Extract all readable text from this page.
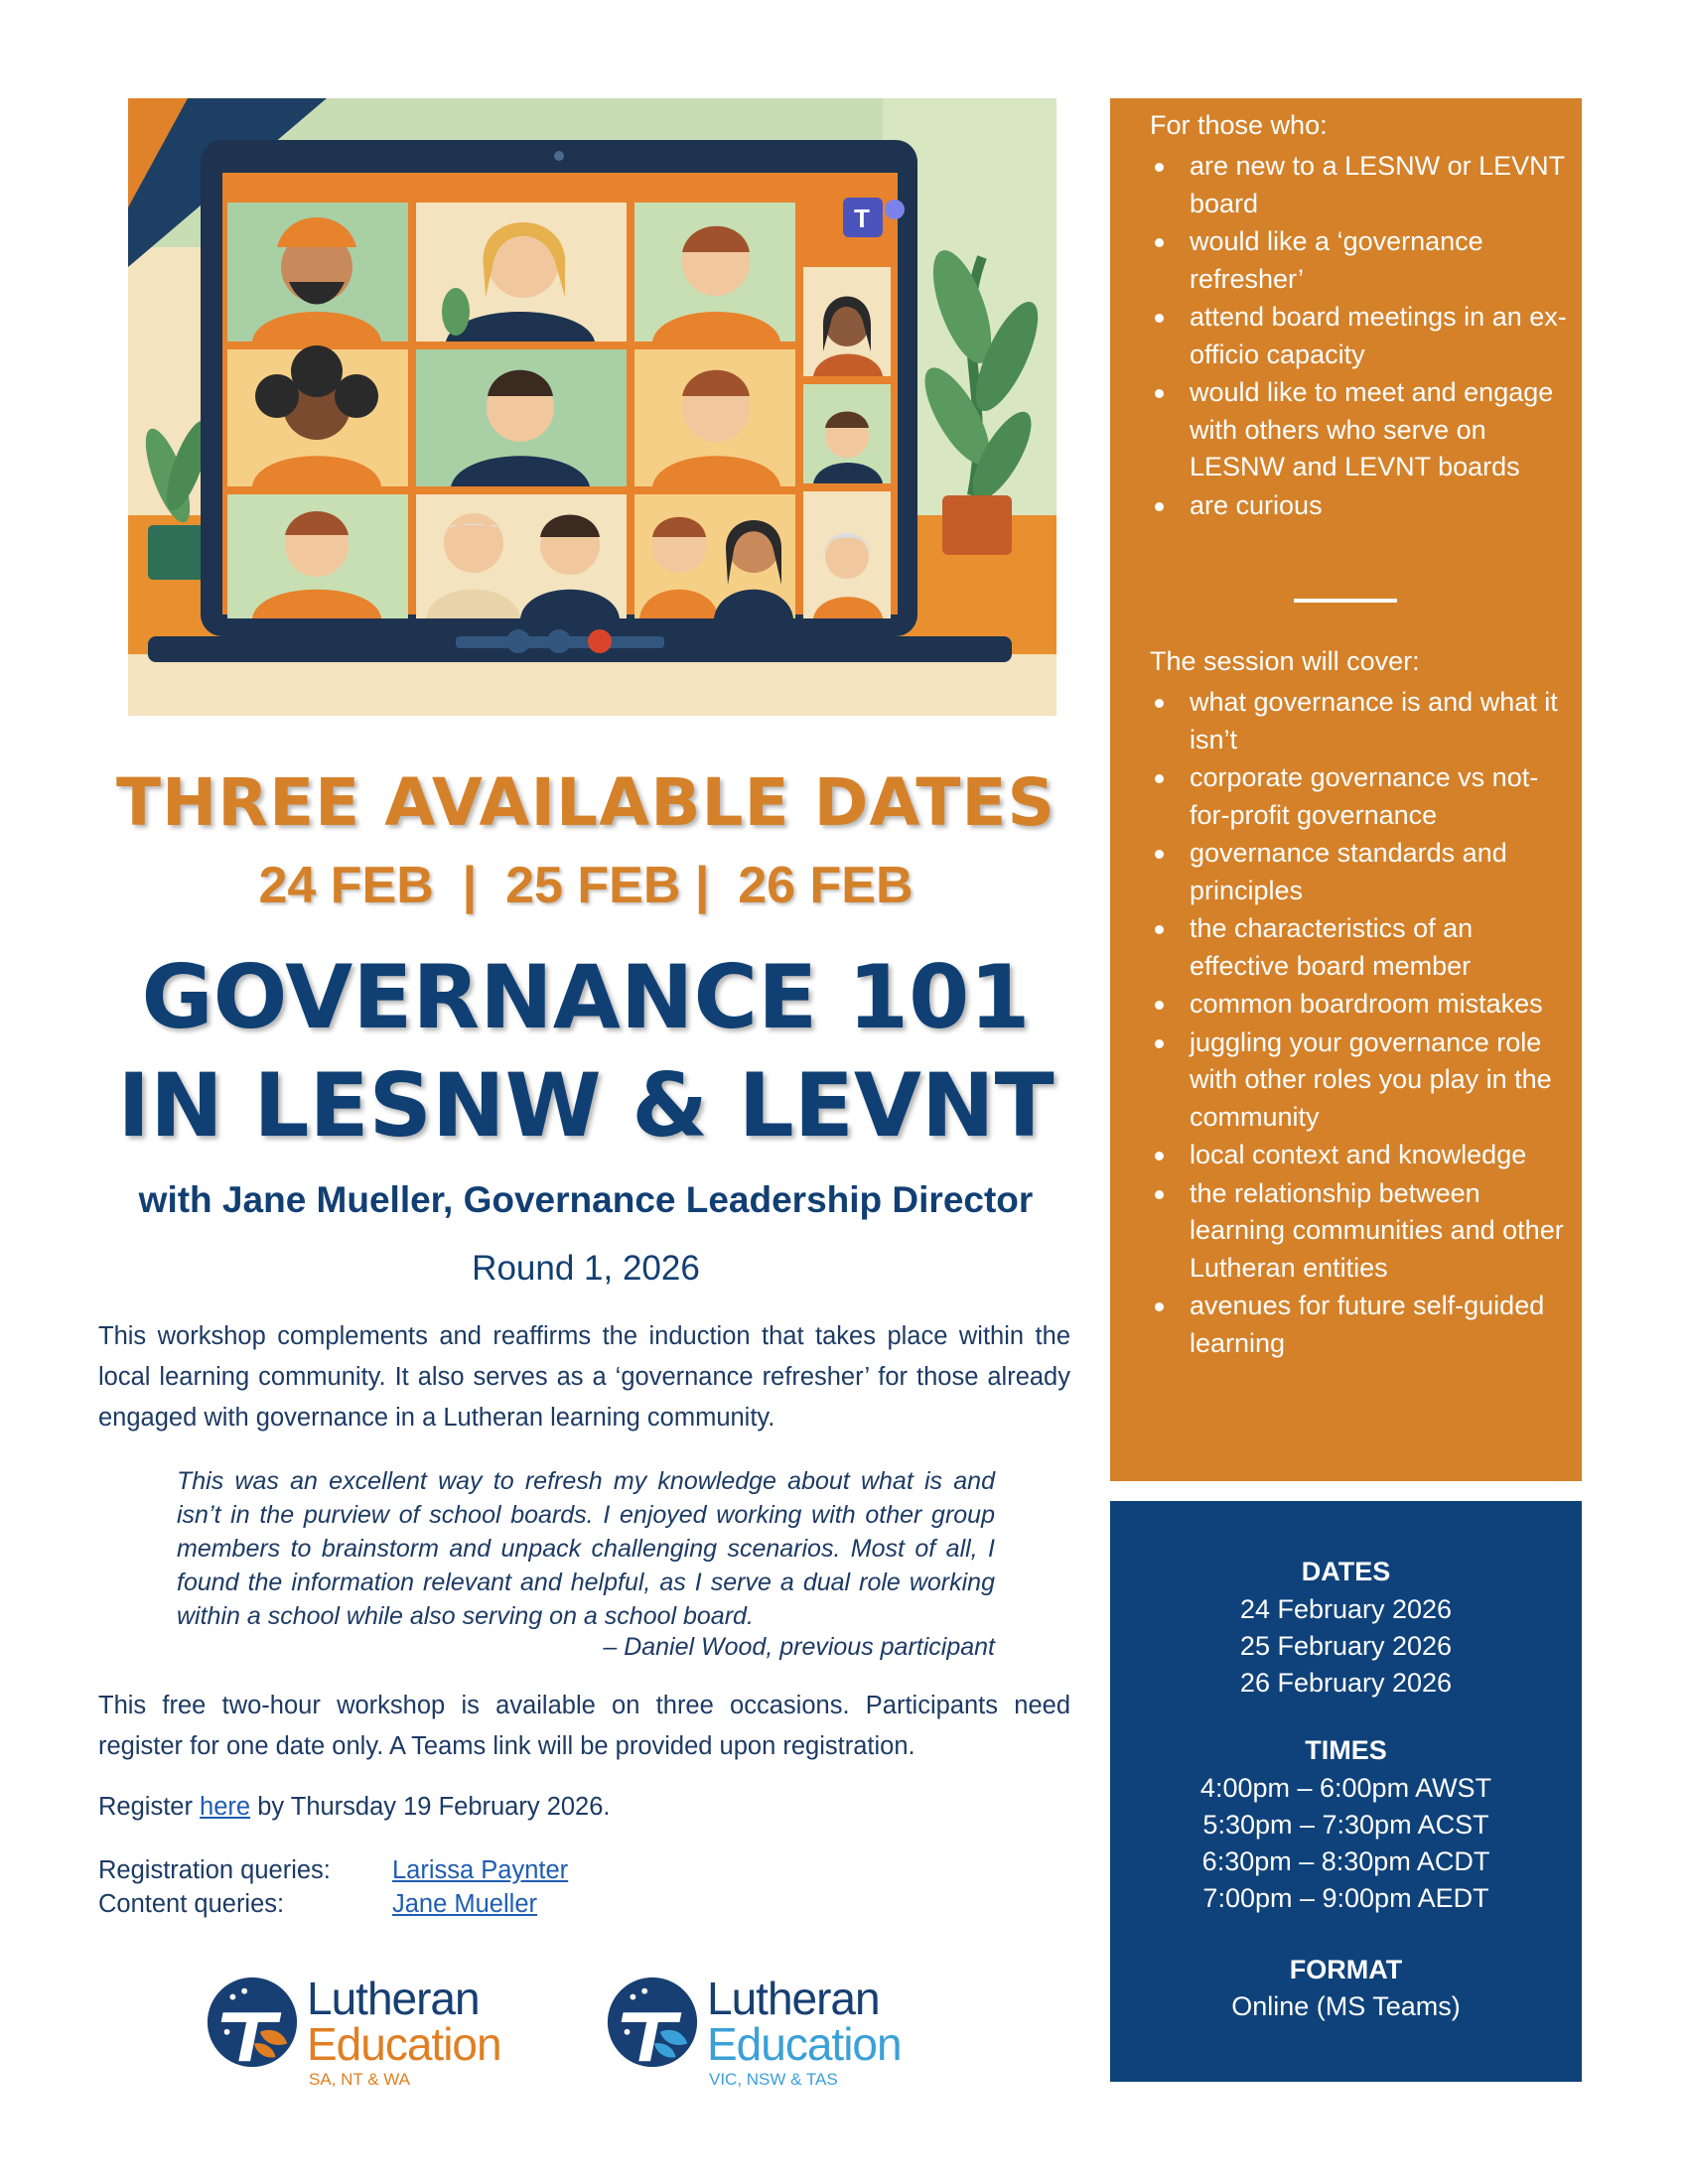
T
THREE AVAILABLE DATES
24 FEB  |  25 FEB |  26 FEB
GOVERNANCE 101
IN LESNW & LEVNT
with Jane Mueller, Governance Leadership Director
Round 1, 2026

This workshop complements and reaffirms the induction that takes place within the local learning community. It also serves as a ‘governance refresher’ for those already engaged with governance in a Lutheran learning community.

This was an excellent way to refresh my knowledge about what is and isn’t in the purview of school boards. I enjoyed working with other group members to brainstorm and unpack challenging scenarios. Most of all, I found the information relevant and helpful, as I serve a dual role working within a school while also serving on a school board.

– Daniel Wood, previous participant

This free two-hour workshop is available on three occasions. Participants need register for one date only. A Teams link will be provided upon registration.

Register here by Thursday 19 February 2026.
Registration queries: Larissa Paynter
Content queries:	Jane Mueller
Lutheran
Education
SA, NT & WA
Lutheran
Education
VIC, NSW & TAS
For those who:
are new to a LESNW or LEVNT board
would like a ‘governance refresher’
attend board meetings in an ex-officio capacity
would like to meet and engage with others who serve on LESNW and LEVNT boards
are curious
The session will cover:
what governance is and what it isn’t
corporate governance vs not-for-profit governance
governance standards and principles
the characteristics of an effective board member
common boardroom mistakes
juggling your governance role with other roles you play in the community
local context and knowledge
the relationship between learning communities and other Lutheran entities
avenues for future self-guided learning
DATES
24 February 2026
25 February 2026
26 February 2026
TIMES
4:00pm – 6:00pm AWST
5:30pm – 7:30pm ACST
6:30pm – 8:30pm ACDT
7:00pm – 9:00pm AEDT
FORMAT
Online (MS Teams)
